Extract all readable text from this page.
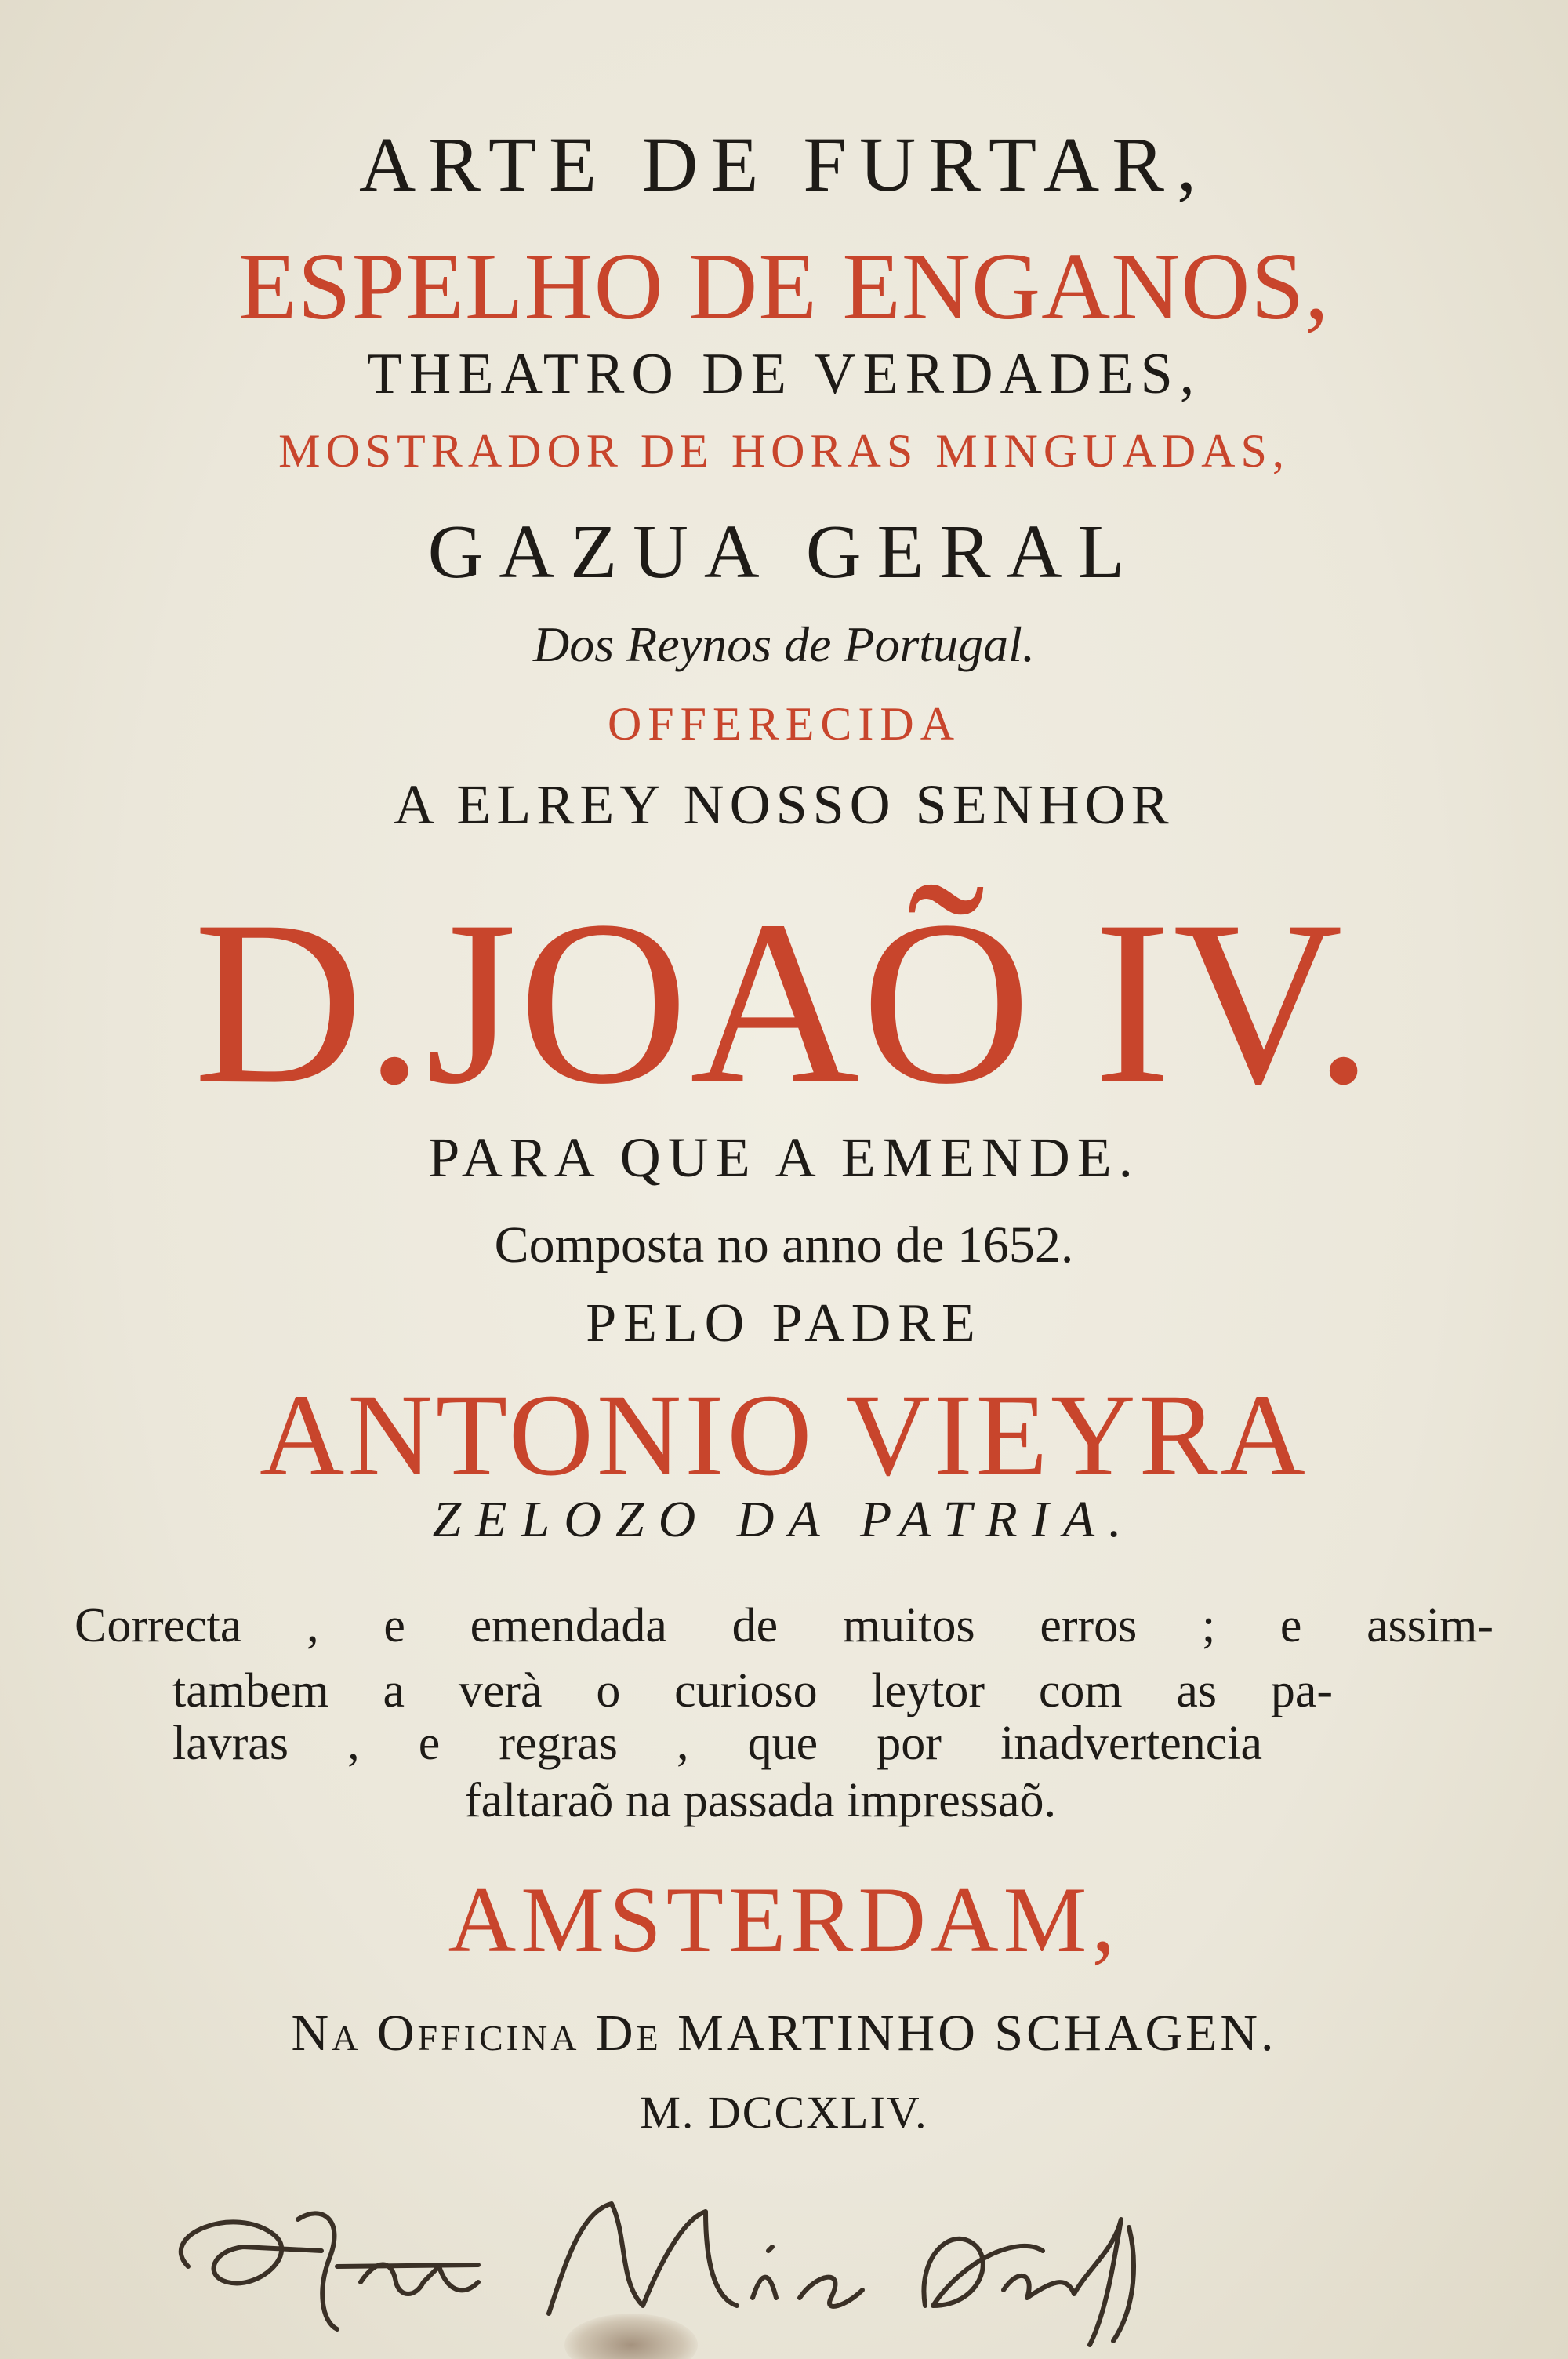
ARTE DE FURTAR,
ESPELHO DE ENGANOS,
THEATRO DE VERDADES,
MOSTRADOR DE HORAS MINGUADAS,
GAZUA GERAL
Dos Reynos de Portugal.
OFFERECIDA
A ELREY NOSSO SENHOR
D.JOAÕ IV.
PARA QUE A EMENDE.
Composta no anno de 1652.
PELO PADRE
ANTONIO VIEYRA
ZELOZO DA PATRIA.
Correcta , e emendada de muitos erros ; e assim-
tambem a verà o curioso leytor com as pa-
lavras , e regras , que por inadvertencia
faltaraõ na passada impressaõ.
AMSTERDAM,
Na Officina De MARTINHO SCHAGEN.
M. DCCXLIV.
